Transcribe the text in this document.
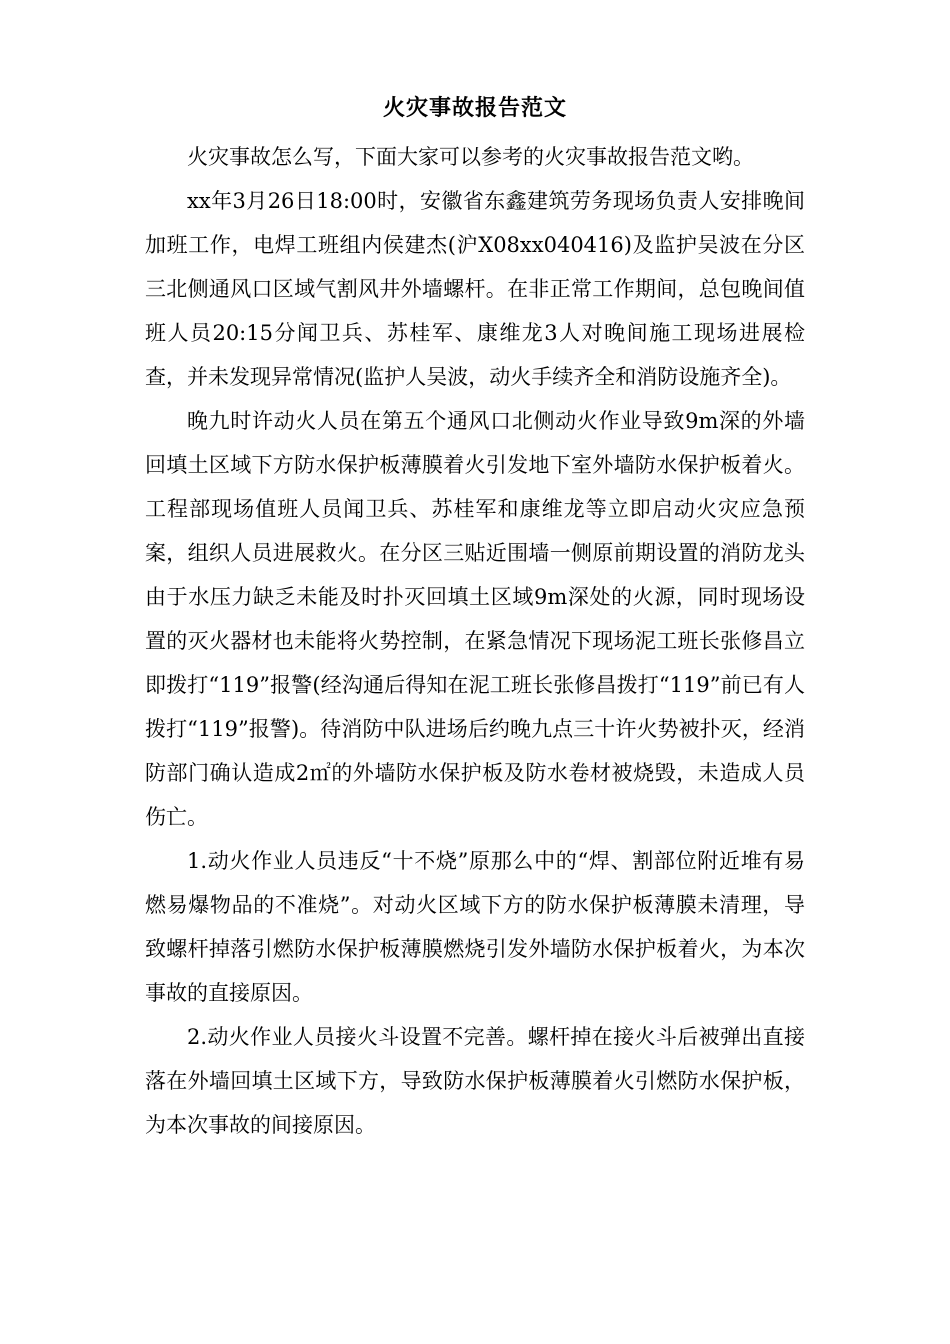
火灾事故报告范文

火灾事故怎么写，下面大家可以参考的火灾事故报告范文哟。

xx年3月26日18:00时，安徽省东鑫建筑劳务现场负责人安排晚间加班工作，电焊工班组内侯建杰(沪X08xx040416)及监护吴波在分区三北侧通风口区域气割风井外墙螺杆。在非正常工作期间，总包晚间值班人员20:15分闻卫兵、苏桂军、康维龙3人对晚间施工现场进展检查，并未发现异常情况(监护人吴波，动火手续齐全和消防设施齐全)。

晚九时许动火人员在第五个通风口北侧动火作业导致9m深的外墙回填土区域下方防水保护板薄膜着火引发地下室外墙防水保护板着火。工程部现场值班人员闻卫兵、苏桂军和康维龙等立即启动火灾应急预案，组织人员进展救火。在分区三贴近围墙一侧原前期设置的消防龙头由于水压力缺乏未能及时扑灭回填土区域9m深处的火源，同时现场设置的灭火器材也未能将火势控制，在紧急情况下现场泥工班长张修昌立即拨打“119”报警(经沟通后得知在泥工班长张修昌拨打“119”前已有人拨打“119”报警)。待消防中队进场后约晚九点三十许火势被扑灭，经消防部门确认造成2㎡的外墙防水保护板及防水卷材被烧毁，未造成人员伤亡。

1.动火作业人员违反“十不烧”原那么中的“焊、割部位附近堆有易燃易爆物品的不准烧”。对动火区域下方的防水保护板薄膜未清理，导致螺杆掉落引燃防水保护板薄膜燃烧引发外墙防水保护板着火，为本次事故的直接原因。

2.动火作业人员接火斗设置不完善。螺杆掉在接火斗后被弹出直接落在外墙回填土区域下方，导致防水保护板薄膜着火引燃防水保护板，为本次事故的间接原因。
